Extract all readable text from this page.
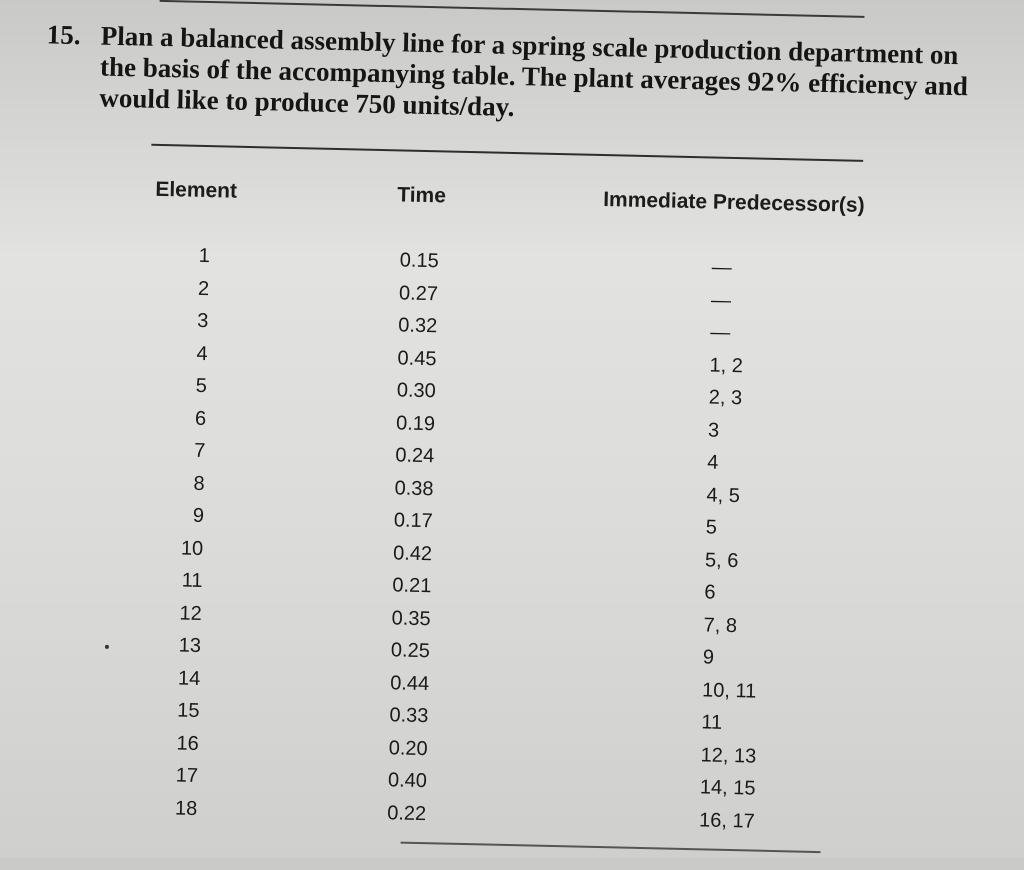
15. Plan a balanced assembly line for a spring scale production department on the basis of the accompanying table. The plant averages 92% efficiency and would like to produce 750 units/day.
Element	Time	Immediate Predecessor(s)
1	0.15	—
2	0.27	—
3	0.32	—
4	0.45	1, 2
5	0.30	2, 3
6	0.19	3
7	0.24	4
8	0.38	4, 5
9	0.17	5
10	0.42	5, 6
11	0.21	6
12	0.35	7, 8
13	0.25	9
14	0.44	10, 11
15	0.33	11
16	0.20	12, 13
17	0.40	14, 15
18	0.22	16, 17
